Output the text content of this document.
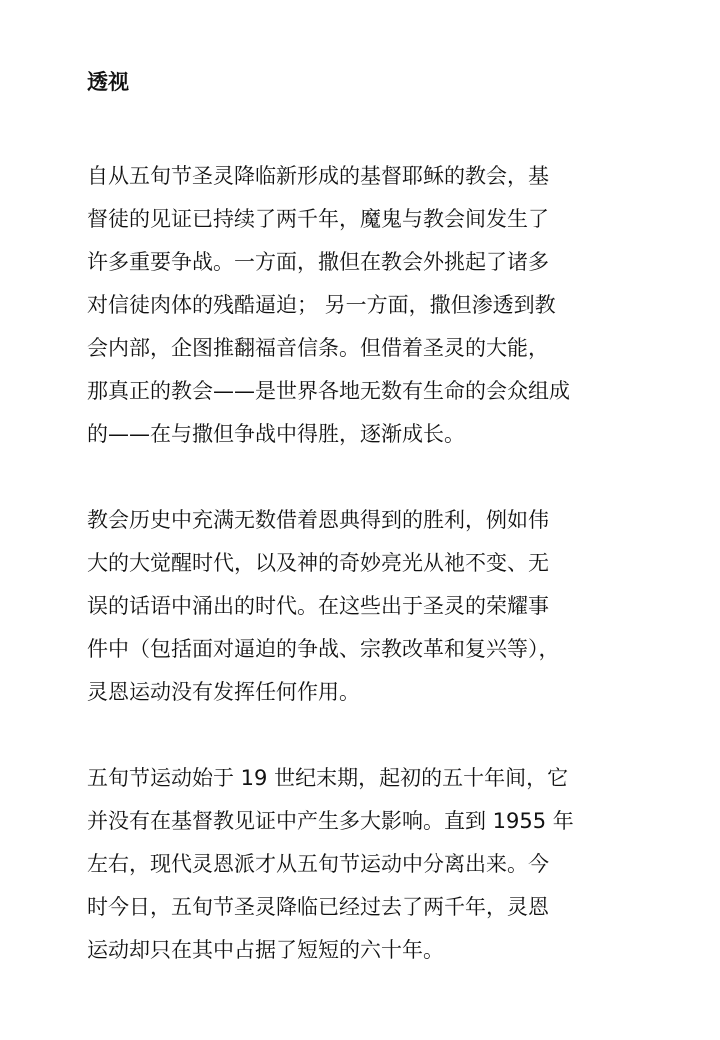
透视

自从五旬节圣灵降临新形成的基督耶稣的教会，基
督徒的见证已持续了两千年，魔鬼与教会间发生了
许多重要争战。一方面，撒但在教会外挑起了诸多
对信徒肉体的残酷逼迫； 另一方面，撒但渗透到教
会内部，企图推翻福音信条。但借着圣灵的大能，
那真正的教会——是世界各地无数有生命的会众组成
的——在与撒但争战中得胜，逐渐成长。

教会历史中充满无数借着恩典得到的胜利，例如伟
大的大觉醒时代，以及神的奇妙亮光从祂不变、无
误的话语中涌出的时代。在这些出于圣灵的荣耀事
件中（包括面对逼迫的争战、宗教改革和复兴等），
灵恩运动没有发挥任何作用。

五旬节运动始于 19 世纪末期，起初的五十年间，它
并没有在基督教见证中产生多大影响。直到 1955 年
左右，现代灵恩派才从五旬节运动中分离出来。今
时今日，五旬节圣灵降临已经过去了两千年，灵恩
运动却只在其中占据了短短的六十年。
